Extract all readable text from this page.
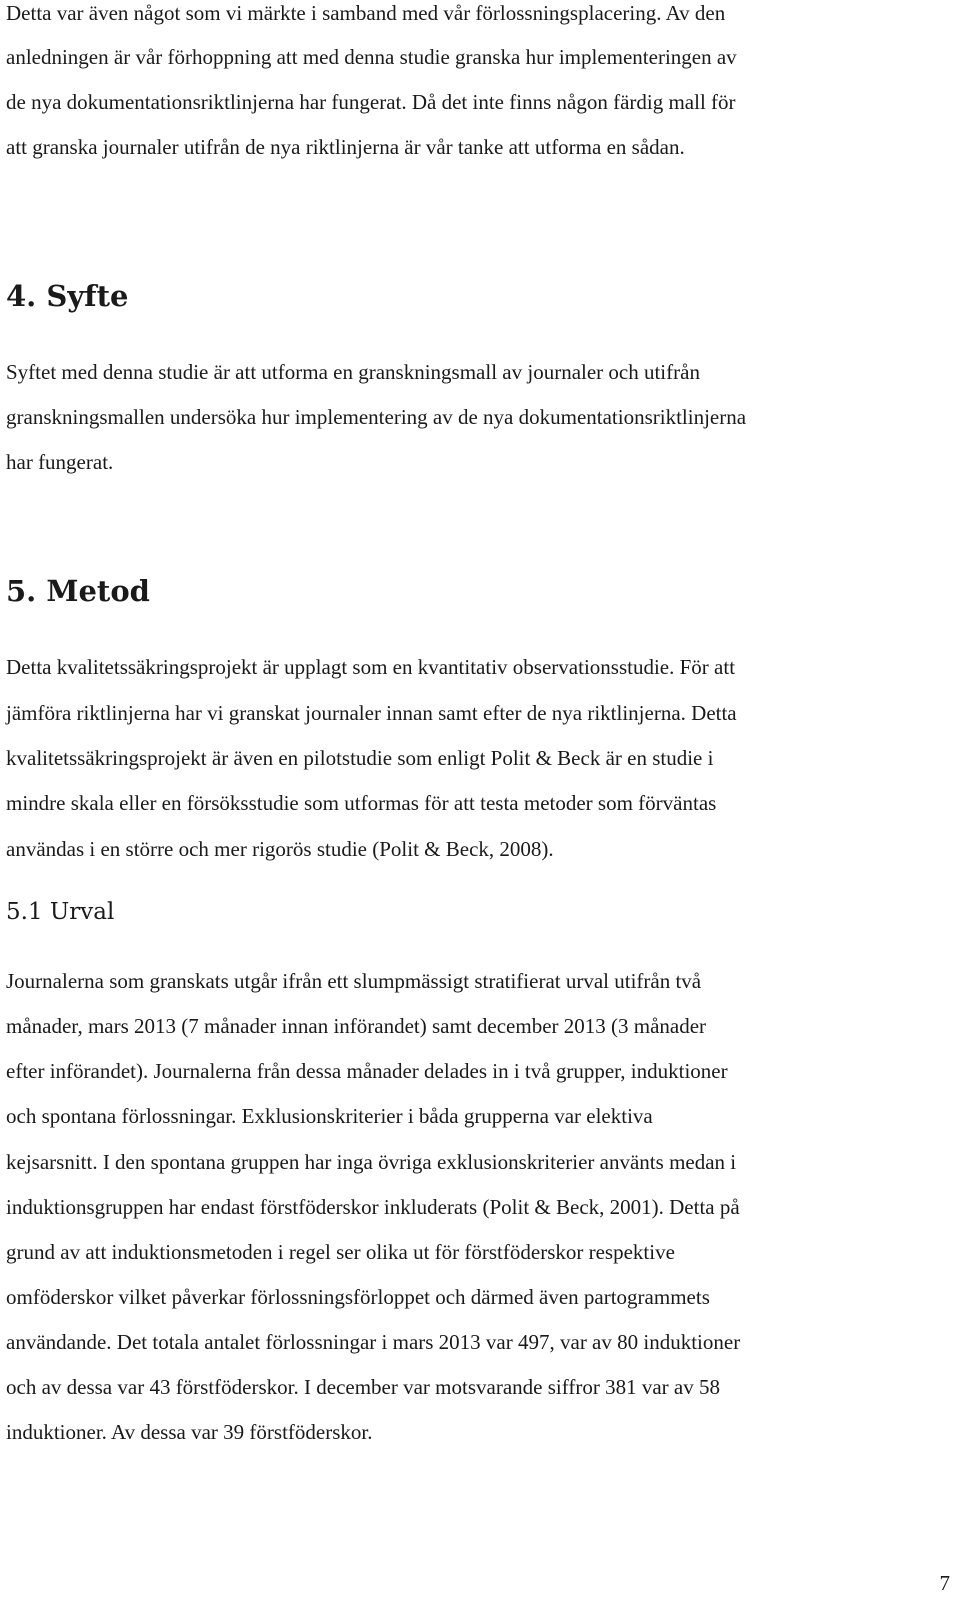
Detta var även något som vi märkte i samband med vår förlossningsplacering. Av den
anledningen är vår förhoppning att med denna studie granska hur implementeringen av
de nya dokumentationsriktlinjerna har fungerat. Då det inte finns någon färdig mall för
att granska journaler utifrån de nya riktlinjerna är vår tanke att utforma en sådan.
4. Syfte
Syftet med denna studie är att utforma en granskningsmall av journaler och utifrån
granskningsmallen undersöka hur implementering av de nya dokumentationsriktlinjerna
har fungerat.
5. Metod
Detta kvalitetssäkringsprojekt är upplagt som en kvantitativ observationsstudie. För att
jämföra riktlinjerna har vi granskat journaler innan samt efter de nya riktlinjerna. Detta
kvalitetssäkringsprojekt är även en pilotstudie som enligt Polit & Beck är en studie i
mindre skala eller en försöksstudie som utformas för att testa metoder som förväntas
användas i en större och mer rigorös studie (Polit & Beck, 2008).
5.1 Urval
Journalerna som granskats utgår ifrån ett slumpmässigt stratifierat urval utifrån två
månader, mars 2013 (7 månader innan införandet) samt december 2013 (3 månader
efter införandet). Journalerna från dessa månader delades in i två grupper, induktioner
och spontana förlossningar. Exklusionskriterier i båda grupperna var elektiva
kejsarsnitt. I den spontana gruppen har inga övriga exklusionskriterier använts medan i
induktionsgruppen har endast förstföderskor inkluderats (Polit & Beck, 2001). Detta på
grund av att induktionsmetoden i regel ser olika ut för förstföderskor respektive
omföderskor vilket påverkar förlossningsförloppet och därmed även partogrammets
användande. Det totala antalet förlossningar i mars 2013 var 497, var av 80 induktioner
och av dessa var 43 förstföderskor. I december var motsvarande siffror 381 var av 58
induktioner. Av dessa var 39 förstföderskor.
7
